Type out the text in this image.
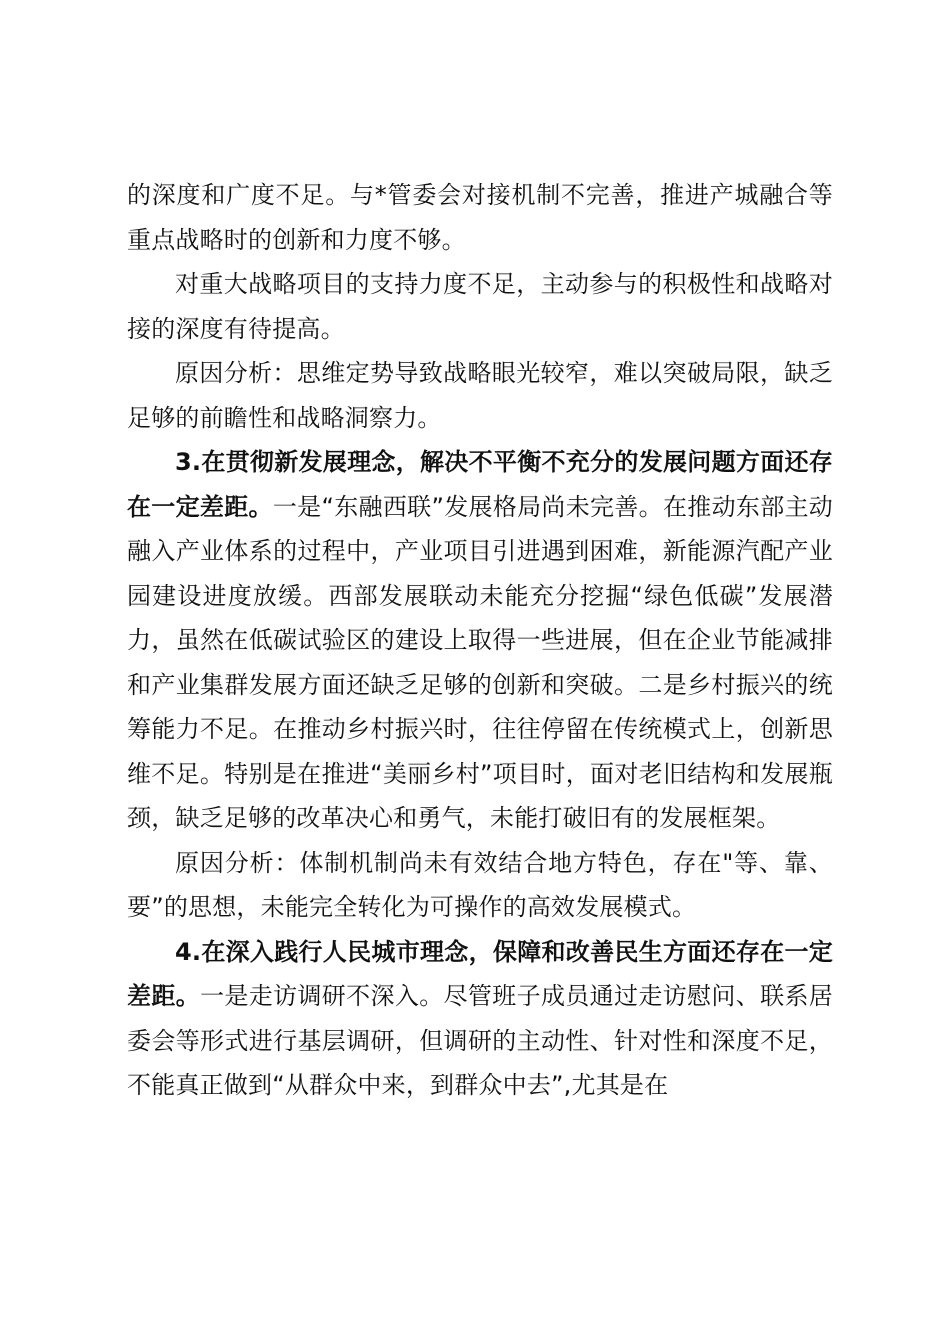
的深度和广度不足。与*管委会对接机制不完善，推进产城融合等重点战略时的创新和力度不够。

对重大战略项目的支持力度不足，主动参与的积极性和战略对接的深度有待提高。

原因分析：思维定势导致战略眼光较窄，难以突破局限，缺乏足够的前瞻性和战略洞察力。

3.在贯彻新发展理念，解决不平衡不充分的发展问题方面还存在一定差距。一是“东融西联”发展格局尚未完善。在推动东部主动融入产业体系的过程中，产业项目引进遇到困难，新能源汽配产业园建设进度放缓。西部发展联动未能充分挖掘“绿色低碳”发展潜力，虽然在低碳试验区的建设上取得一些进展，但在企业节能减排和产业集群发展方面还缺乏足够的创新和突破。二是乡村振兴的统筹能力不足。在推动乡村振兴时，往往停留在传统模式上，创新思维不足。特别是在推进“美丽乡村”项目时，面对老旧结构和发展瓶颈，缺乏足够的改革决心和勇气，未能打破旧有的发展框架。

原因分析：体制机制尚未有效结合地方特色，存在"等、靠、要”的思想，未能完全转化为可操作的高效发展模式。

4.在深入践行人民城市理念，保障和改善民生方面还存在一定差距。一是走访调研不深入。尽管班子成员通过走访慰问、联系居委会等形式进行基层调研，但调研的主动性、针对性和深度不足，不能真正做到“从群众中来，到群众中去”,尤其是在
